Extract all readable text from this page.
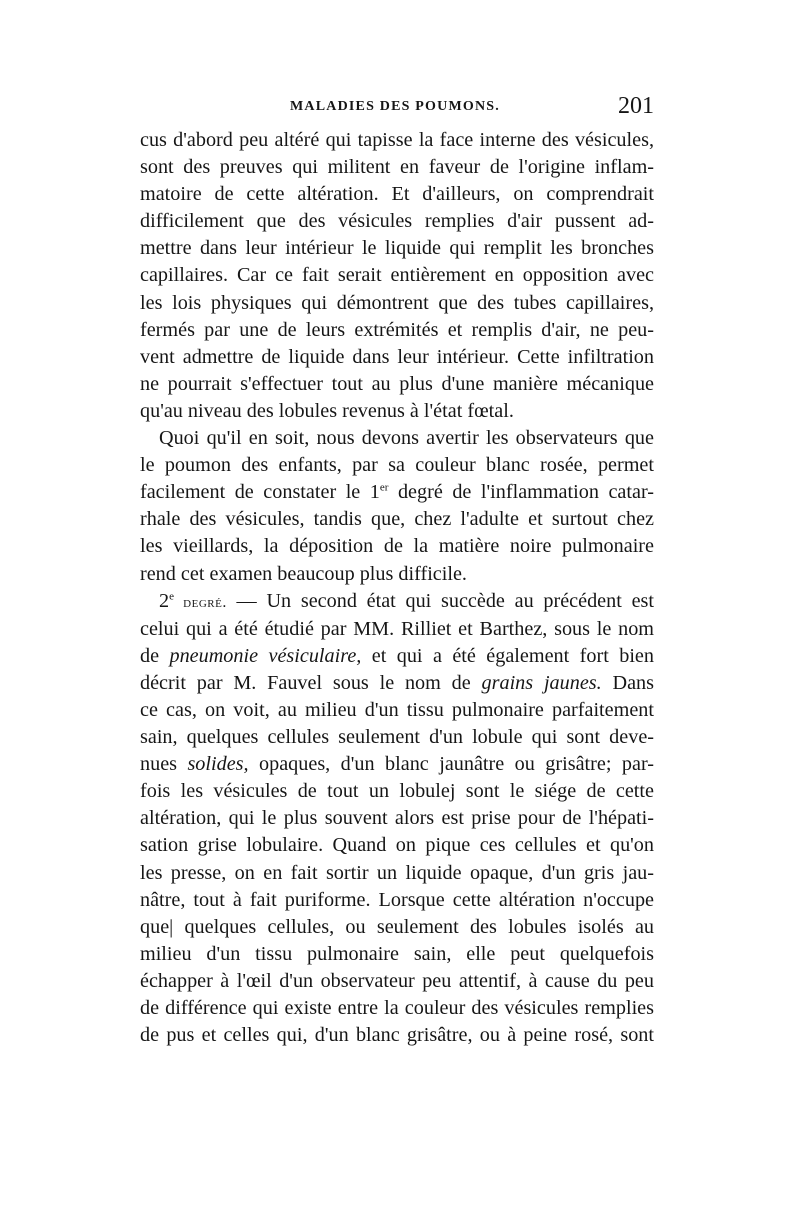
MALADIES DES POUMONS.	201
cus d'abord peu altéré qui tapisse la face interne des vésicules,
sont des preuves qui militent en faveur de l'origine inflam-
matoire de cette altération. Et d'ailleurs, on comprendrait
difficilement que des vésicules remplies d'air pussent ad-
mettre dans leur intérieur le liquide qui remplit les bronches
capillaires. Car ce fait serait entièrement en opposition avec
les lois physiques qui démontrent que des tubes capillaires,
fermés par une de leurs extrémités et remplis d'air, ne peu-
vent admettre de liquide dans leur intérieur. Cette infiltration
ne pourrait s'effectuer tout au plus d'une manière mécanique
qu'au niveau des lobules revenus à l'état fœtal.
Quoi qu'il en soit, nous devons avertir les observateurs que
le poumon des enfants, par sa couleur blanc rosée, permet
facilement de constater le 1er degré de l'inflammation catar-
rhale des vésicules, tandis que, chez l'adulte et surtout chez
les vieillards, la déposition de la matière noire pulmonaire
rend cet examen beaucoup plus difficile.
2e degré. — Un second état qui succède au précédent est
celui qui a été étudié par MM. Rilliet et Barthez, sous le nom
de pneumonie vésiculaire, et qui a été également fort bien
décrit par M. Fauvel sous le nom de grains jaunes. Dans
ce cas, on voit, au milieu d'un tissu pulmonaire parfaitement
sain, quelques cellules seulement d'un lobule qui sont deve-
nues solides, opaques, d'un blanc jaunâtre ou grisâtre; par-
fois les vésicules de tout un lobulej sont le siége de cette
altération, qui le plus souvent alors est prise pour de l'hépati-
sation grise lobulaire. Quand on pique ces cellules et qu'on
les presse, on en fait sortir un liquide opaque, d'un gris jau-
nâtre, tout à fait puriforme. Lorsque cette altération n'occupe
que| quelques cellules, ou seulement des lobules isolés au
milieu d'un tissu pulmonaire sain, elle peut quelquefois
échapper à l'œil d'un observateur peu attentif, à cause du peu
de différence qui existe entre la couleur des vésicules remplies
de pus et celles qui, d'un blanc grisâtre, ou à peine rosé, sont
